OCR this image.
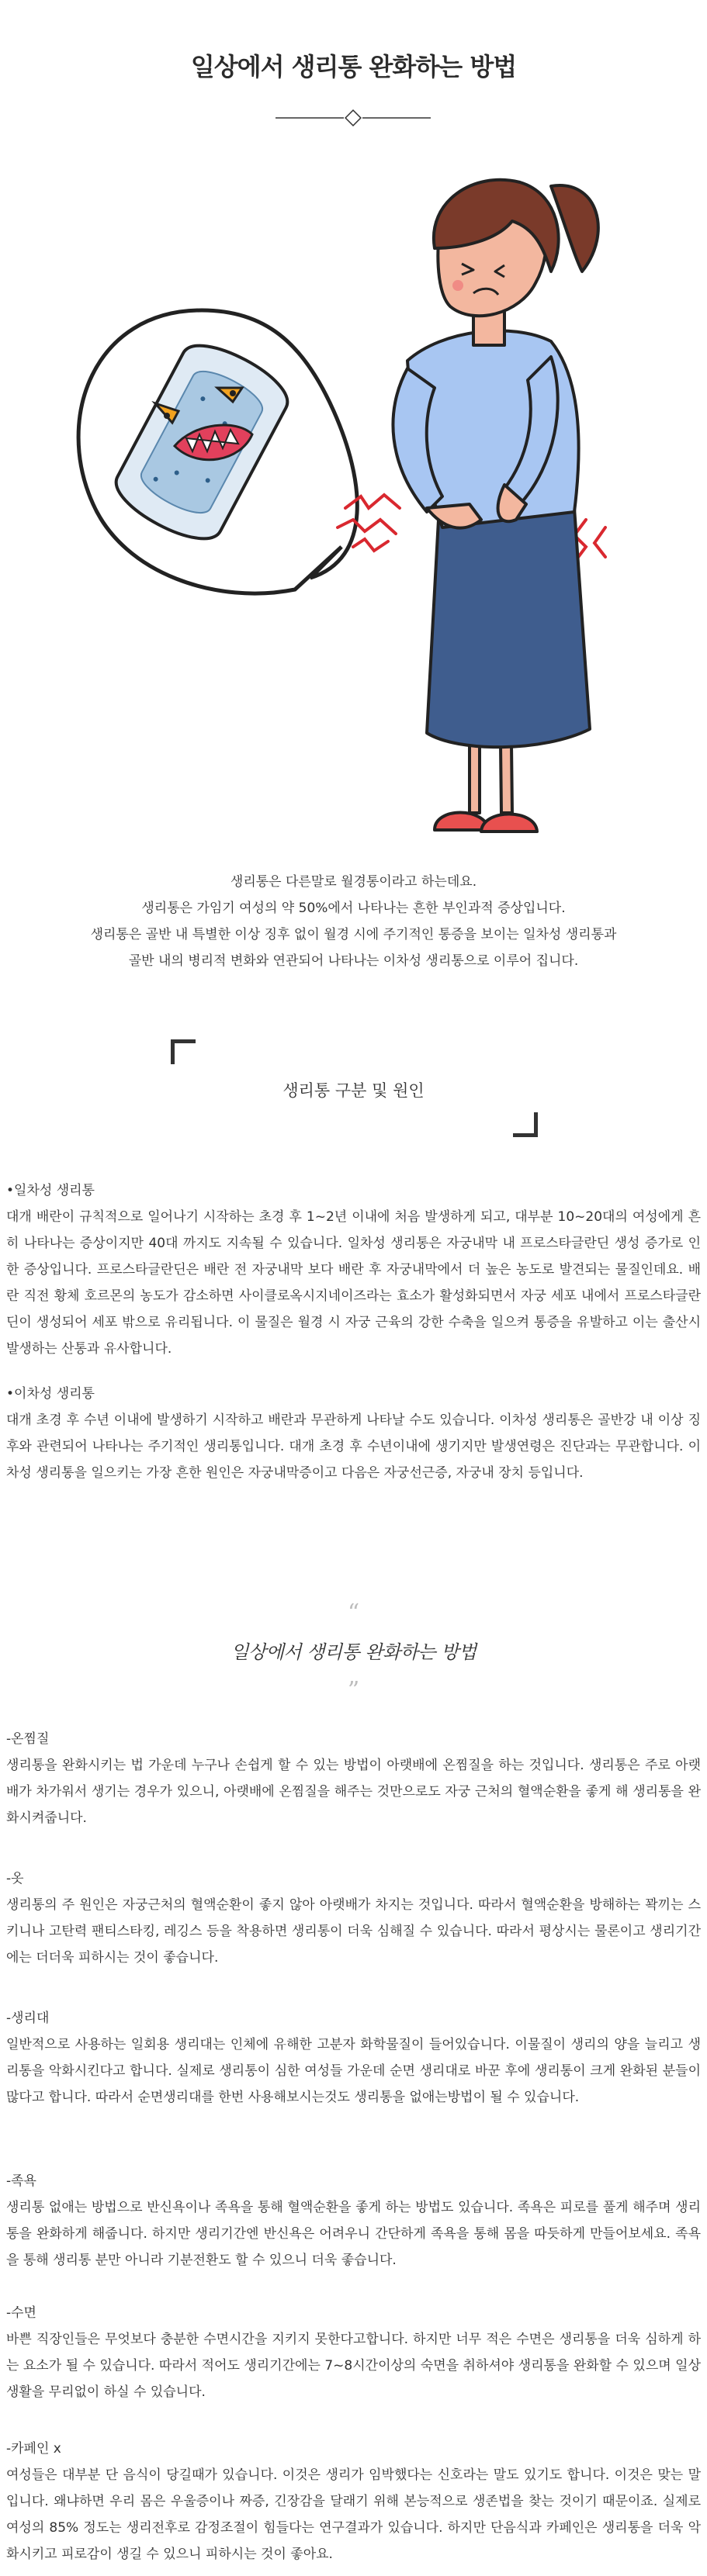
일상에서 생리통 완화하는 방법

생리통은 다른말로 월경통이라고 하는데요.

생리통은 가임기 여성의 약 50%에서 나타나는 흔한 부인과적 증상입니다.

생리통은 골반 내 특별한 이상 징후 없이 월경 시에 주기적인 통증을 보이는 일차성 생리통과

골반 내의 병리적 변화와 연관되어 나타나는 이차성 생리통으로 이루어 집니다.

생리통 구분 및 원인

•일차성 생리통

대개 배란이 규칙적으로 일어나기 시작하는 초경 후 1~2년 이내에 처음 발생하게 되고, 대부분 10~20대의 여성에게 흔히 나타나는 증상이지만 40대 까지도 지속될 수 있습니다. 일차성 생리통은 자궁내막 내 프로스타글란딘 생성 증가로 인한 증상입니다. 프로스타글란딘은 배란 전 자궁내막 보다 배란 후 자궁내막에서 더 높은 농도로 발견되는 물질인데요. 배란 직전 황체 호르몬의 농도가 감소하면 사이클로옥시지네이즈라는 효소가 활성화되면서 자궁 세포 내에서 프로스타글란딘이 생성되어 세포 밖으로 유리됩니다. 이 물질은 월경 시 자궁 근육의 강한 수축을 일으켜 통증을 유발하고 이는 출산시 발생하는 산통과 유사합니다.

•이차성 생리통

대개 초경 후 수년 이내에 발생하기 시작하고 배란과 무관하게 나타날 수도 있습니다. 이차성 생리통은 골반강 내 이상 징후와 관련되어 나타나는 주기적인 생리통입니다. 대개 초경 후 수년이내에 생기지만 발생연령은 진단과는 무관합니다. 이차성 생리통을 일으키는 가장 흔한 원인은 자궁내막증이고 다음은 자궁선근증, 자궁내 장치 등입니다.

“
일상에서 생리통 완화하는 방법
”

-온찜질

생리통을 완화시키는 법 가운데 누구나 손쉽게 할 수 있는 방법이 아랫배에 온찜질을 하는 것입니다. 생리통은 주로 아랫배가 차가워서 생기는 경우가 있으니, 아랫배에 온찜질을 해주는 것만으로도 자궁 근처의 혈액순환을 좋게 해 생리통을 완화시켜줍니다.

-옷

생리통의 주 원인은 자궁근처의 혈액순환이 좋지 않아 아랫배가 차지는 것입니다. 따라서 혈액순환을 방해하는 꽉끼는 스키니나 고탄력 팬티스타킹, 레깅스 등을 착용하면 생리통이 더욱 심해질 수 있습니다. 따라서 평상시는 물론이고 생리기간에는 더더욱 피하시는 것이 좋습니다.

-생리대

일반적으로 사용하는 일회용 생리대는 인체에 유해한 고분자 화학물질이 들어있습니다. 이물질이 생리의 양을 늘리고 생리통을 악화시킨다고 합니다. 실제로 생리통이 심한 여성들 가운데 순면 생리대로 바꾼 후에 생리통이 크게 완화된 분들이 많다고 합니다. 따라서 순면생리대를 한번 사용해보시는것도 생리통을 없애는방법이 될 수 있습니다.

-족욕

생리통 없애는 방법으로 반신욕이나 족욕을 통해 혈액순환을 좋게 하는 방법도 있습니다. 족욕은 피로를 풀게 해주며 생리통을 완화하게 해줍니다. 하지만 생리기간엔 반신욕은 어려우니 간단하게 족욕을 통해 몸을 따듯하게 만들어보세요. 족욕을 통해 생리통 분만 아니라 기분전환도 할 수 있으니 더욱 좋습니다.

-수면

바쁜 직장인들은 무엇보다 충분한 수면시간을 지키지 못한다고합니다. 하지만 너무 적은 수면은 생리통을 더욱 심하게 하는 요소가 될 수 있습니다. 따라서 적어도 생리기간에는 7~8시간이상의 숙면을 취하셔야 생리통을 완화할 수 있으며 일상생활을 무리없이 하실 수 있습니다.

-카페인 x

여성들은 대부분 단 음식이 당길때가 있습니다. 이것은 생리가 임박했다는 신호라는 말도 있기도 합니다. 이것은 맞는 말입니다. 왜냐하면 우리 몸은 우울증이나 짜증, 긴장감을 달래기 위해 본능적으로 생존법을 찾는 것이기 때문이죠. 실제로 여성의 85% 정도는 생리전후로 감정조절이 힘들다는 연구결과가 있습니다. 하지만 단음식과 카페인은 생리통을 더욱 악화시키고 피로감이 생길 수 있으니 피하시는 것이 좋아요.
